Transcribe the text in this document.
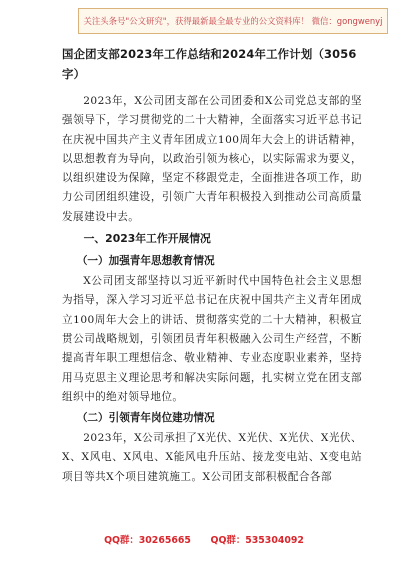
关注头条号"公文研究"，获得最新最全最专业的公文资料库！ 微信：gongwenyj
国企团支部2023年工作总结和2024年工作计划（3056字）

2023年，X公司团支部在公司团委和X公司党总支部的坚强领导下，学习贯彻党的二十大精神，全面落实习近平总书记在庆祝中国共产主义青年团成立100周年大会上的讲话精神，以思想教育为导向，以政治引领为核心，以实际需求为要义，以组织建设为保障，坚定不移跟党走，全面推进各项工作，助力公司团组织建设，引领广大青年积极投入到推动公司高质量发展建设中去。

一、2023年工作开展情况
（一）加强青年思想教育情况

X公司团支部坚持以习近平新时代中国特色社会主义思想为指导，深入学习习近平总书记在庆祝中国共产主义青年团成立100周年大会上的讲话、贯彻落实党的二十大精神，积极宣贯公司战略规划，引领团员青年积极融入公司生产经营，不断提高青年职工理想信念、敬业精神、专业态度职业素养，坚持用马克思主义理论思考和解决实际问题，扎实树立党在团支部组织中的绝对领导地位。

（二）引领青年岗位建功情况

2023年，X公司承担了X光伏、X光伏、X光伏、X光伏、X、X风电、X风电、X能风电升压站、接龙变电站、X变电站项目等共X个项目建筑施工。X公司团支部积极配合各部

QQ群：30265665 QQ群：535304092
